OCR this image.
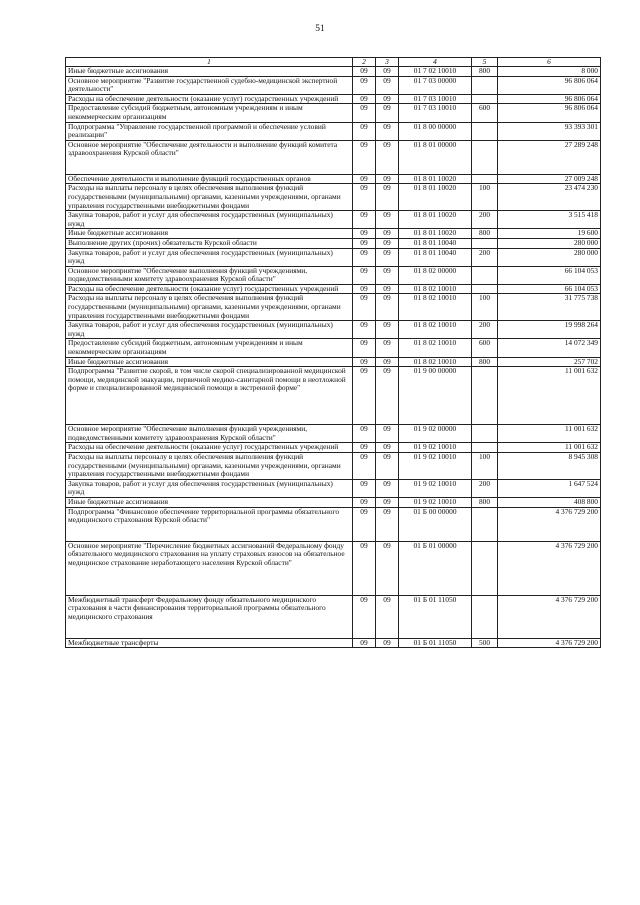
51
1	2	3	4	5	6
Иные бюджетные ассигнования	09	09	01 7 02 10010	800	8 000
Основное мероприятие "Развитие государственной судебно-медицинской экспертной деятельности"	09	09	01 7 03 00000		96 806 064
Расходы на обеспечение деятельности (оказание услуг) государственных учреждений	09	09	01 7 03 10010		96 806 064
Предоставление субсидий бюджетным, автономным учреждениям и иным некоммерческим организациям	09	09	01 7 03 10010	600	96 806 064
Подпрограмма "Управление государственной программой и обеспечение условий реализации"	09	09	01 8 00 00000		93 393 301
Основное мероприятие "Обеспечение деятельности и выполнение функций комитета здравоохранения Курской области"	09	09	01 8 01 00000		27 289 248
Обеспечение деятельности и выполнение функций государственных органов	09	09	01 8 01 10020		27 009 248
Расходы на выплаты персоналу в целях обеспечения выполнения функций государственными (муниципальными) органами, казенными учреждениями, органами управления государственными внебюджетными фондами	09	09	01 8 01 10020	100	23 474 230
Закупка товаров, работ и услуг для обеспечения государственных (муниципальных) нужд	09	09	01 8 01 10020	200	3 515 418
Иные бюджетные ассигнования	09	09	01 8 01 10020	800	19 600
Выполнение других (прочих) обязательств Курской области	09	09	01 8 01 10040		280 000
Закупка товаров, работ и услуг для обеспечения государственных (муниципальных) нужд	09	09	01 8 01 10040	200	280 000
Основное мероприятие "Обеспечение выполнения функций учреждениями, подведомственными комитету здравоохранения Курской области"	09	09	01 8 02 00000		66 104 053
Расходы на обеспечение деятельности (оказание услуг) государственных учреждений	09	09	01 8 02 10010		66 104 053
Расходы на выплаты персоналу в целях обеспечения выполнения функций государственными (муниципальными) органами, казенными учреждениями, органами управления государственными внебюджетными фондами	09	09	01 8 02 10010	100	31 775 738
Закупка товаров, работ и услуг для обеспечения государственных (муниципальных) нужд	09	09	01 8 02 10010	200	19 998 264
Предоставление субсидий бюджетным, автономным учреждениям и иным некоммерческим организациям	09	09	01 8 02 10010	600	14 072 349
Иные бюджетные ассигнования	09	09	01 8 02 10010	800	257 702
Подпрограмма "Развитие скорой, в том числе скорой специализированной медицинской помощи, медицинской эвакуации, первичной медико-санитарной помощи в неотложной форме и специализированной медицинской помощи в экстренной форме"	09	09	01 9 00 00000		11 001 632
Основное мероприятие "Обеспечение выполнения функций учреждениями, подведомственными комитету здравоохранения Курской области"	09	09	01 9 02 00000		11 001 632
Расходы на обеспечение деятельности (оказание услуг) государственных учреждений	09	09	01 9 02 10010		11 001 632
Расходы на выплаты персоналу в целях обеспечения выполнения функций государственными (муниципальными) органами, казенными учреждениями, органами управления государственными внебюджетными фондами	09	09	01 9 02 10010	100	8 945 308
Закупка товаров, работ и услуг для обеспечения государственных (муниципальных) нужд	09	09	01 9 02 10010	200	1 647 524
Иные бюджетные ассигнования	09	09	01 9 02 10010	800	408 800
Подпрограмма "Финансовое обеспечение территориальной программы обязательного медицинского страхования Курской области"	09	09	01 Б 00 00000		4 376 729 200
Основное мероприятие "Перечисление бюджетных ассигнований Федеральному фонду обязательного медицинского страхования на уплату страховых взносов на обязательное медицинское страхование неработающего населения Курской области"	09	09	01 Б 01 00000		4 376 729 200
Межбюджетный трансферт Федеральному фонду обязательного медицинского страхования в части финансирования территориальной программы обязательного медицинского страхования	09	09	01 Б 01 11050		4 376 729 200
Межбюджетные трансферты	09	09	01 Б 01 11050	500	4 376 729 200
